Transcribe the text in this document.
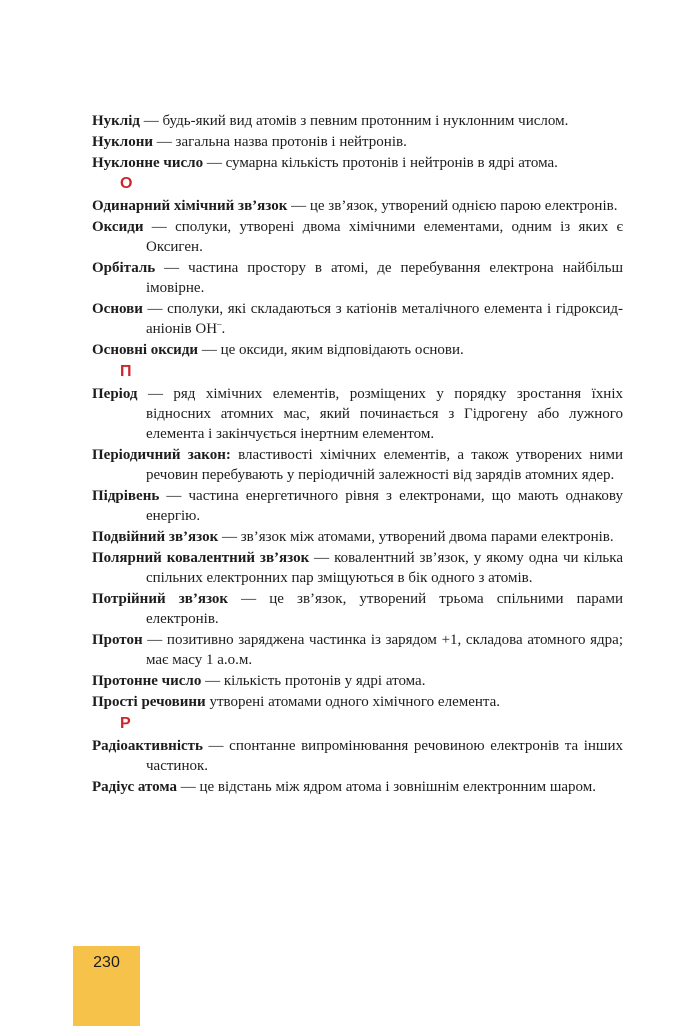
Нуклід — будь-який вид атомів з певним протонним і нуклонним числом.
Нуклони — загальна назва протонів і нейтронів.
Нуклонне число — сумарна кількість протонів і нейтронів в ядрі атома.
О
Одинарний хімічний зв’язок — це зв’язок, утворений однією парою електронів.
Оксиди — сполуки, утворені двома хімічними елементами, одним із яких є Оксиген.
Орбіталь — частина простору в атомі, де перебування електрона найбільш імовірне.
Основи — сполуки, які складаються з катіонів металічного елемента і гідроксид-аніонів OH–.
Основні оксиди — це оксиди, яким відповідають основи.
П
Період — ряд хімічних елементів, розміщених у порядку зростання їхніх відносних атомних мас, який починається з Гідрогену або лужного елемента і закінчується інертним елементом.
Періодичний закон: властивості хімічних елементів, а також утворених ними речовин перебувають у періодичній залежності від зарядів атомних ядер.
Підрівень — частина енергетичного рівня з електронами, що мають однакову енергію.
Подвійний зв’язок — зв’язок між атомами, утворений двома парами електронів.
Полярний ковалентний зв’язок — ковалентний зв’язок, у якому одна чи кілька спільних електронних пар зміщуються в бік одного з атомів.
Потрійний зв’язок — це зв’язок, утворений трьома спільними парами електронів.
Протон — позитивно заряджена частинка із зарядом +1, складова атомного ядра; має масу 1 а.о.м.
Протонне число — кількість протонів у ядрі атома.
Прості речовини утворені атомами одного хімічного елемента.
Р
Радіоактивність — спонтанне випромінювання речовиною електронів та інших частинок.
Радіус атома — це відстань між ядром атома і зовнішнім електронним шаром.
230
